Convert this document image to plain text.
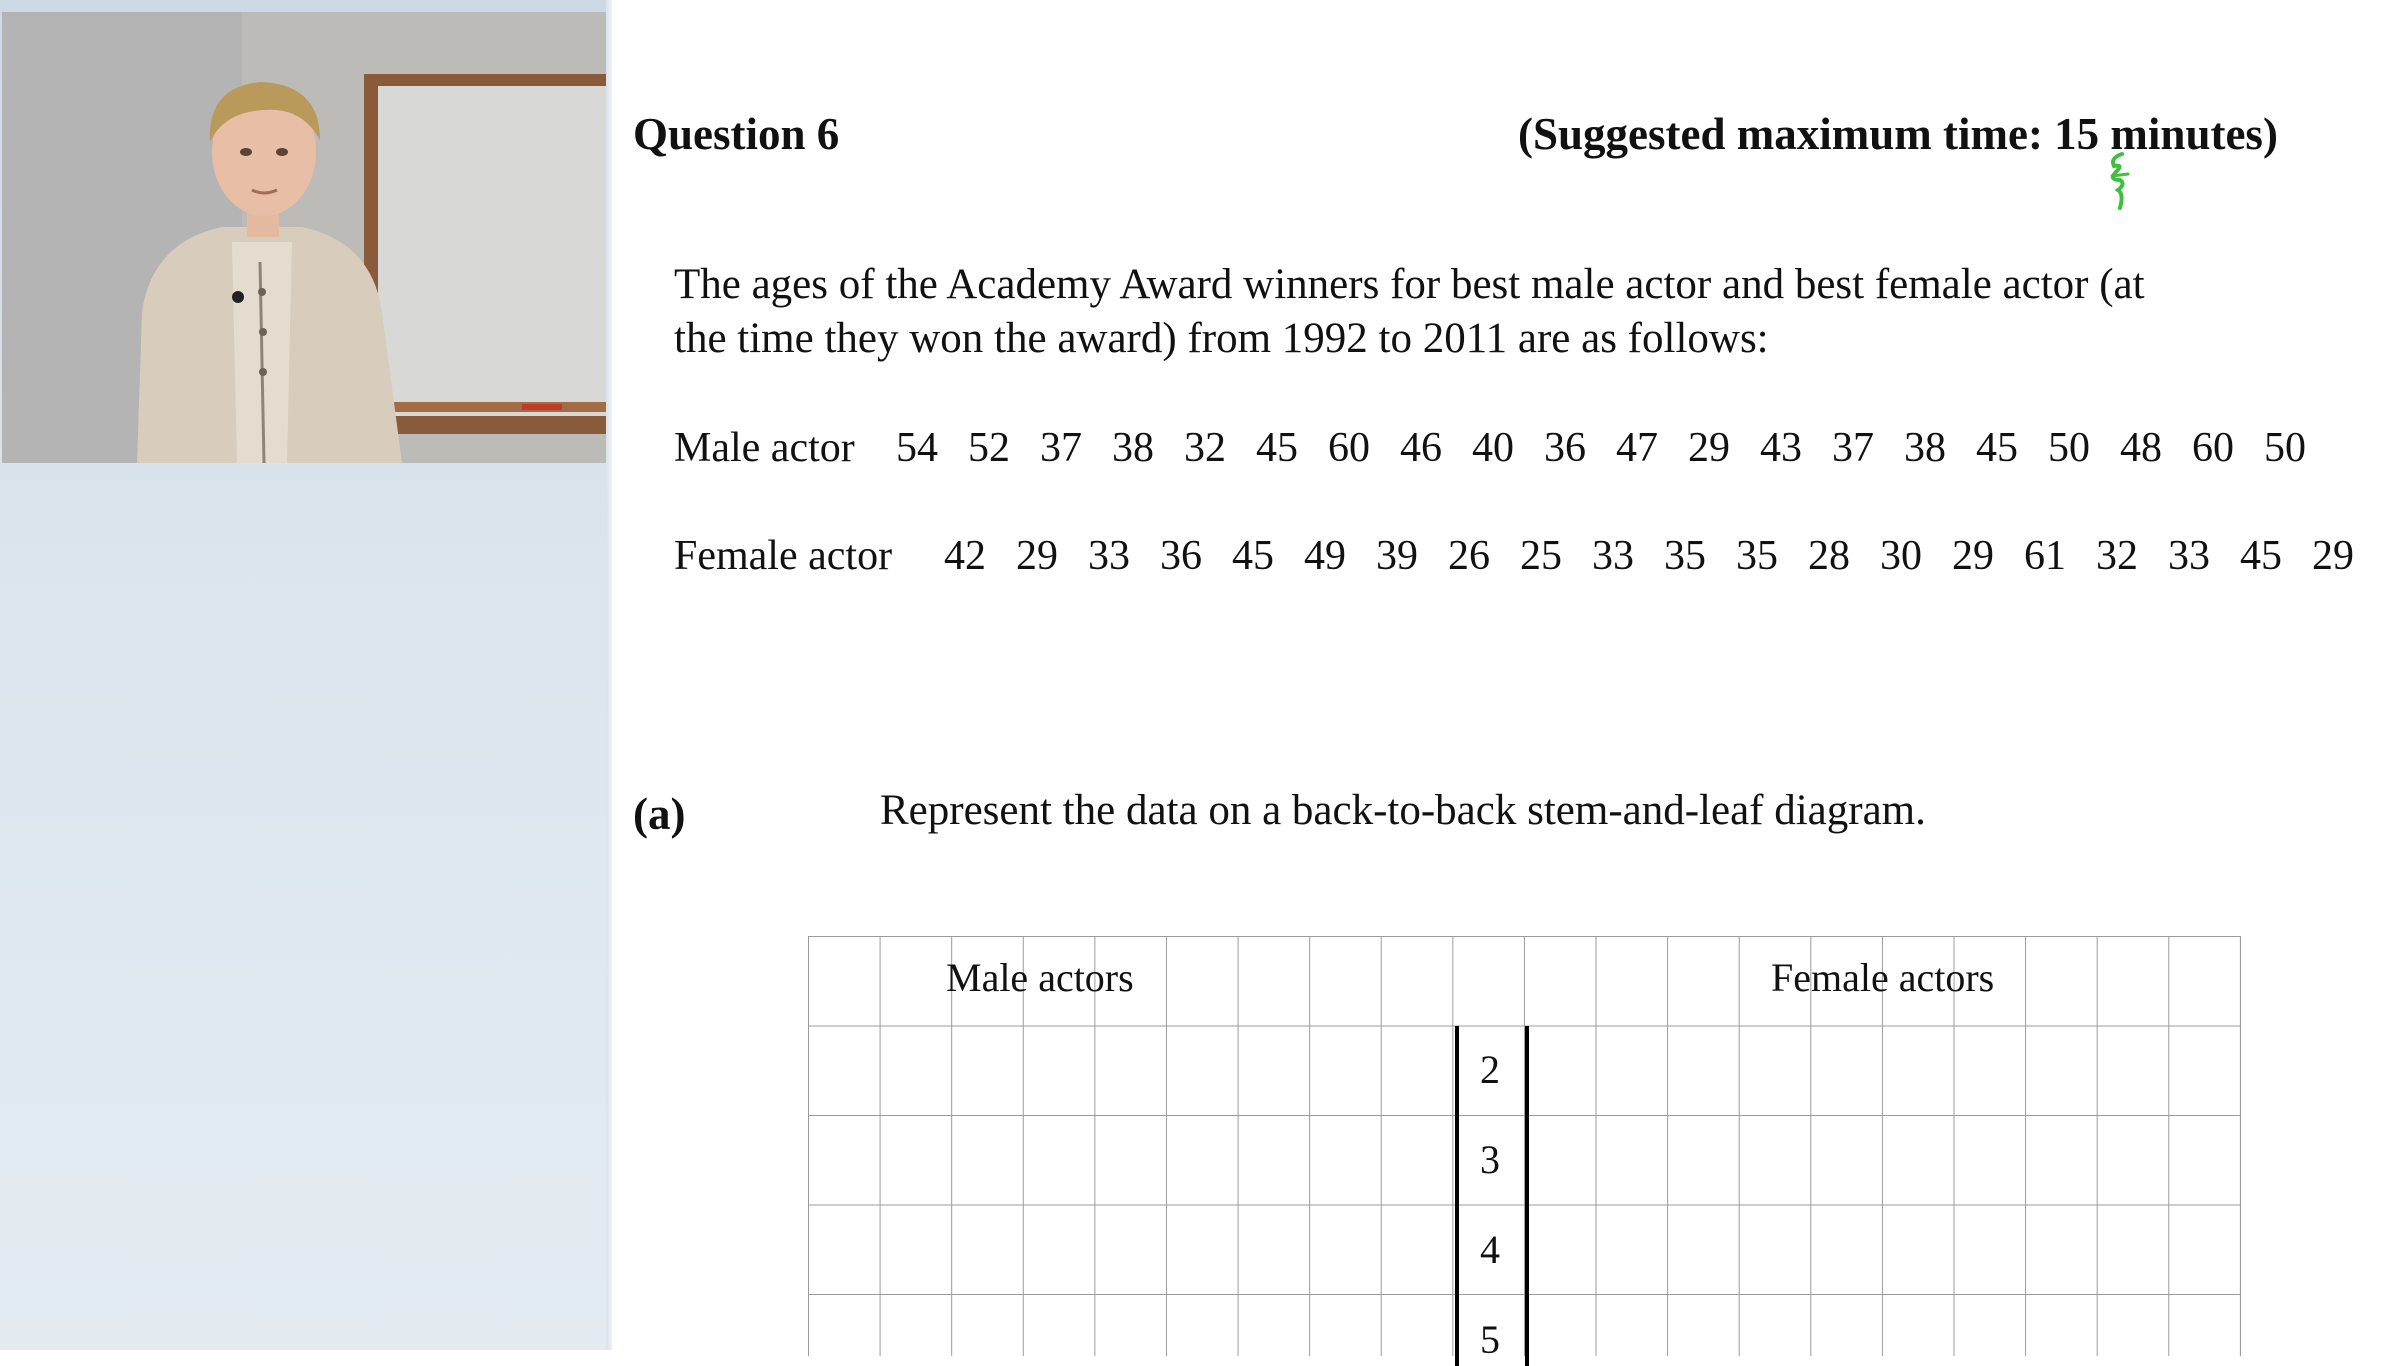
Question 6	(Suggested maximum time: 15 minutes)
The ages of the Academy Award winners for best male actor and best female actor (at
the time they won the award) from 1992 to 2011 are as follows:
Male actor 54 52 37 38 32 45 60 46 40 36 47 29 43 37 38 45 50 48 60 50
Female actor 42 29 33 36 45 49 39 26 25 33 35 35 28 30 29 61 32 33 45 29
(a)	Represent the data on a back-to-back stem-and-leaf diagram.
Male actors	Female actors
2
3
4
5
